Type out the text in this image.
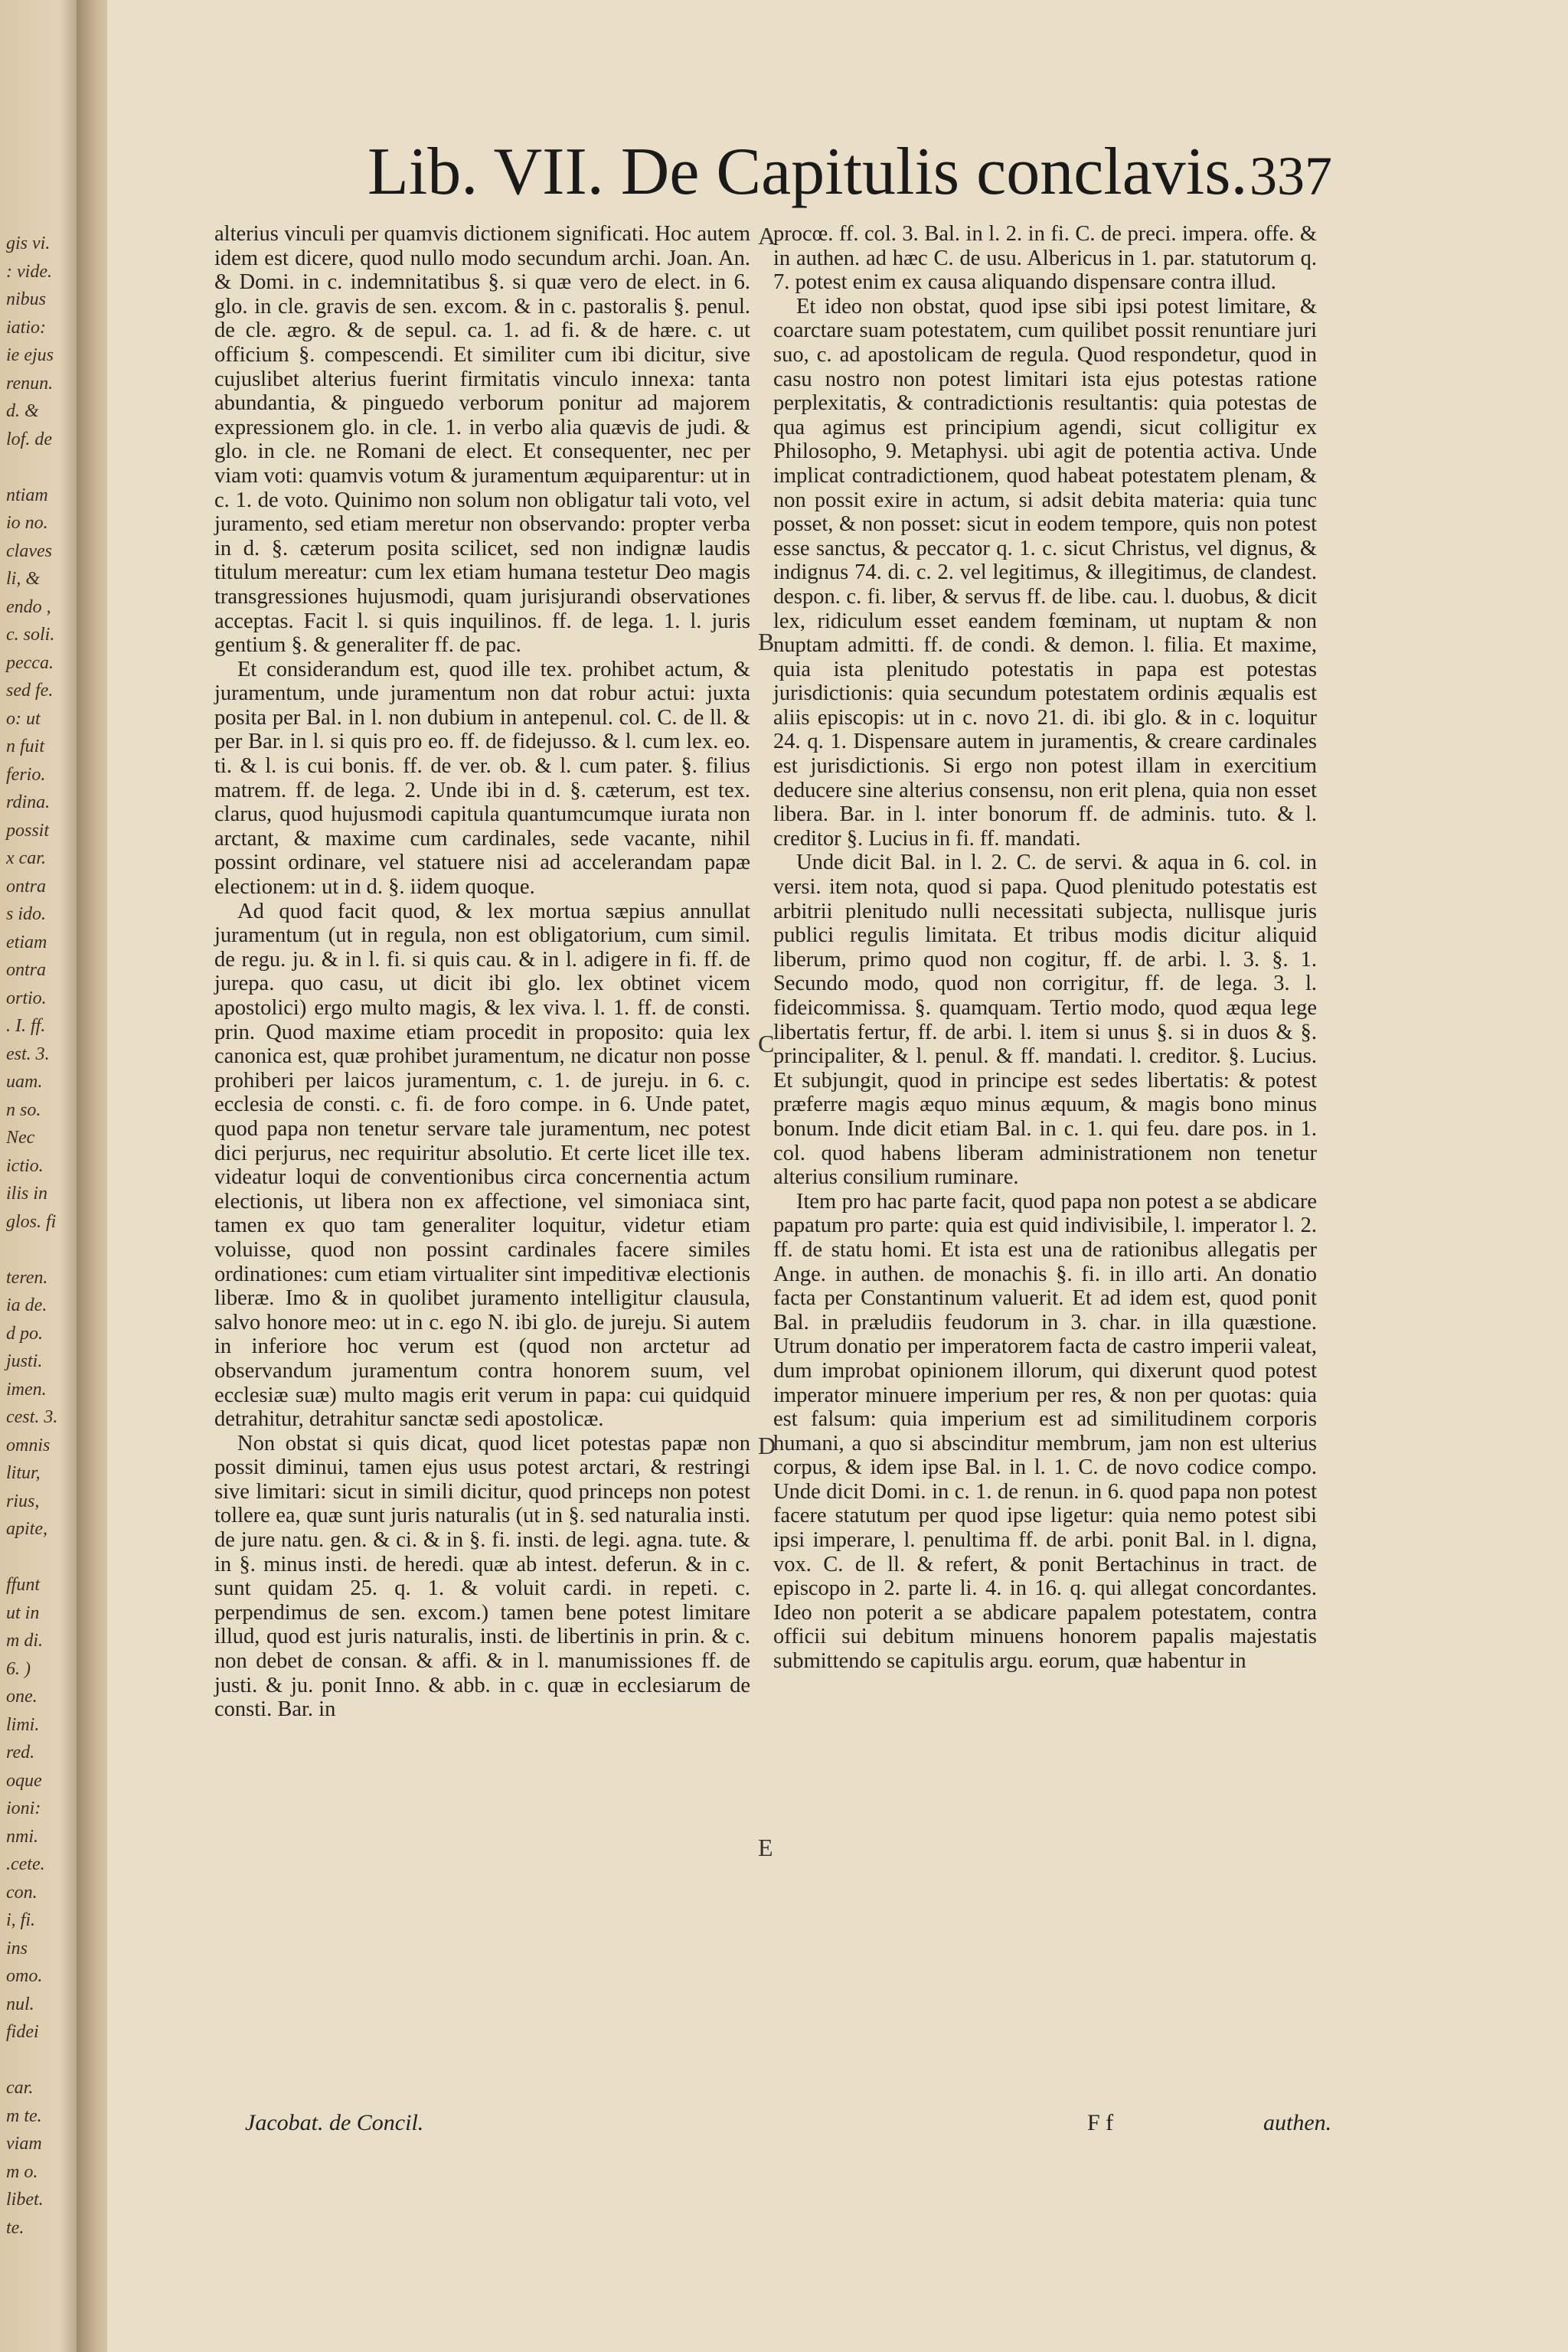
gis vi.
: vide.
nibus
iatio:
ie ejus
renun.
d. &
lof. de

ntiam
io no.
claves
li, &
endo ,
c. soli.
pecca.
sed fe.
o: ut
n fuit
ferio.
rdina.
possit
x car.
ontra
s ido.
etiam
ontra
ortio.
. I. ff.
est. 3.
uam.
n so.
Nec
ictio.
ilis in
glos. fi

teren.
ia de.
d po.
justi.
imen.
cest. 3.
omnis
litur,
rius,
apite,

ffunt
ut in
m di.
6. )
one.
limi.
red.
oque
ioni:
nmi.
.cete.
con.
i, fi.
ins
omo.
nul.
fidei

car.
m te.
viam
m o.
libet.
te.
Lib. VII. De Capitulis conclavis. 337

alterius vinculi per quamvis dictionem significati. Hoc autem idem est dicere, quod nullo modo secundum archi. Joan. An. & Domi. in c. indemnitatibus §. si quæ vero de elect. in 6. glo. in cle. gravis de sen. excom. & in c. pastoralis §. penul. de cle. ægro. & de sepul. ca. 1. ad fi. & de hære. c. ut officium §. compescendi. Et similiter cum ibi dicitur, sive cujuslibet alterius fuerint firmitatis vinculo innexa: tanta abundantia, & pinguedo verborum ponitur ad majorem expressionem glo. in cle. 1. in verbo alia quævis de judi. & glo. in cle. ne Romani de elect. Et consequenter, nec per viam voti: quamvis votum & juramentum æquiparentur: ut in c. 1. de voto. Quinimo non solum non obligatur tali voto, vel juramento, sed etiam meretur non observando: propter verba in d. §. cæterum posita scilicet, sed non indignæ laudis titulum mereatur: cum lex etiam humana testetur Deo magis transgressiones hujusmodi, quam jurisjurandi observationes acceptas. Facit l. si quis inquilinos. ff. de lega. 1. l. juris gentium §. & generaliter ff. de pac.

Et considerandum est, quod ille tex. prohibet actum, & juramentum, unde juramentum non dat robur actui: juxta posita per Bal. in l. non dubium in antepenul. col. C. de ll. & per Bar. in l. si quis pro eo. ff. de fidejusso. & l. cum lex. eo. ti. & l. is cui bonis. ff. de ver. ob. & l. cum pater. §. filius matrem. ff. de lega. 2. Unde ibi in d. §. cæterum, est tex. clarus, quod hujusmodi capitula quantumcumque iurata non arctant, & maxime cum cardinales, sede vacante, nihil possint ordinare, vel statuere nisi ad accelerandam papæ electionem: ut in d. §. iidem quoque.

Ad quod facit quod, & lex mortua sæpius annullat juramentum (ut in regula, non est obligatorium, cum simil. de regu. ju. & in l. fi. si quis cau. & in l. adigere in fi. ff. de jurepa. quo casu, ut dicit ibi glo. lex obtinet vicem apostolici) ergo multo magis, & lex viva. l. 1. ff. de consti. prin. Quod maxime etiam procedit in proposito: quia lex canonica est, quæ prohibet juramentum, ne dicatur non posse prohiberi per laicos juramentum, c. 1. de jureju. in 6. c. ecclesia de consti. c. fi. de foro compe. in 6. Unde patet, quod papa non tenetur servare tale juramentum, nec potest dici perjurus, nec requiritur absolutio. Et certe licet ille tex. videatur loqui de conventionibus circa concernentia actum electionis, ut libera non ex affectione, vel simoniaca sint, tamen ex quo tam generaliter loquitur, videtur etiam voluisse, quod non possint cardinales facere similes ordinationes: cum etiam virtualiter sint impeditivæ electionis liberæ. Imo & in quolibet juramento intelligitur clausula, salvo honore meo: ut in c. ego N. ibi glo. de jureju. Si autem in inferiore hoc verum est (quod non arctetur ad observandum juramentum contra honorem suum, vel ecclesiæ suæ) multo magis erit verum in papa: cui quidquid detrahitur, detrahitur sanctæ sedi apostolicæ.

Non obstat si quis dicat, quod licet potestas papæ non possit diminui, tamen ejus usus potest arctari, & restringi sive limitari: sicut in simili dicitur, quod princeps non potest tollere ea, quæ sunt juris naturalis (ut in §. sed naturalia insti. de jure natu. gen. & ci. & in §. fi. insti. de legi. agna. tute. & in §. minus insti. de heredi. quæ ab intest. deferun. & in c. sunt quidam 25. q. 1. & voluit cardi. in repeti. c. perpendimus de sen. excom.) tamen bene potest limitare illud, quod est juris naturalis, insti. de libertinis in prin. & c. non debet de consan. & affi. & in l. manumissiones ff. de justi. & ju. ponit Inno. & abb. in c. quæ in ecclesiarum de consti. Bar. in

A
B
C
D
E

procœ. ff. col. 3. Bal. in l. 2. in fi. C. de preci. impera. offe. & in authen. ad hæc C. de usu. Albericus in 1. par. statutorum q. 7. potest enim ex causa aliquando dispensare contra illud.

Et ideo non obstat, quod ipse sibi ipsi potest limitare, & coarctare suam potestatem, cum quilibet possit renuntiare juri suo, c. ad apostolicam de regula. Quod respondetur, quod in casu nostro non potest limitari ista ejus potestas ratione perplexitatis, & contradictionis resultantis: quia potestas de qua agimus est principium agendi, sicut colligitur ex Philosopho, 9. Metaphysi. ubi agit de potentia activa. Unde implicat contradictionem, quod habeat potestatem plenam, & non possit exire in actum, si adsit debita materia: quia tunc posset, & non posset: sicut in eodem tempore, quis non potest esse sanctus, & peccator q. 1. c. sicut Christus, vel dignus, & indignus 74. di. c. 2. vel legitimus, & illegitimus, de clandest. despon. c. fi. liber, & servus ff. de libe. cau. l. duobus, & dicit lex, ridiculum esset eandem fœminam, ut nuptam & non nuptam admitti. ff. de condi. & demon. l. filia. Et maxime, quia ista plenitudo potestatis in papa est potestas jurisdictionis: quia secundum potestatem ordinis æqualis est aliis episcopis: ut in c. novo 21. di. ibi glo. & in c. loquitur 24. q. 1. Dispensare autem in juramentis, & creare cardinales est jurisdictionis. Si ergo non potest illam in exercitium deducere sine alterius consensu, non erit plena, quia non esset libera. Bar. in l. inter bonorum ff. de adminis. tuto. & l. creditor §. Lucius in fi. ff. mandati.

Unde dicit Bal. in l. 2. C. de servi. & aqua in 6. col. in versi. item nota, quod si papa. Quod plenitudo potestatis est arbitrii plenitudo nulli necessitati subjecta, nullisque juris publici regulis limitata. Et tribus modis dicitur aliquid liberum, primo quod non cogitur, ff. de arbi. l. 3. §. 1. Secundo modo, quod non corrigitur, ff. de lega. 3. l. fideicommissa. §. quamquam. Tertio modo, quod æqua lege libertatis fertur, ff. de arbi. l. item si unus §. si in duos & §. principaliter, & l. penul. & ff. mandati. l. creditor. §. Lucius. Et subjungit, quod in principe est sedes libertatis: & potest præferre magis æquo minus æquum, & magis bono minus bonum. Inde dicit etiam Bal. in c. 1. qui feu. dare pos. in 1. col. quod habens liberam administrationem non tenetur alterius consilium ruminare.

Item pro hac parte facit, quod papa non potest a se abdicare papatum pro parte: quia est quid indivisibile, l. imperator l. 2. ff. de statu homi. Et ista est una de rationibus allegatis per Ange. in authen. de monachis §. fi. in illo arti. An donatio facta per Constantinum valuerit. Et ad idem est, quod ponit Bal. in præludiis feudorum in 3. char. in illa quæstione. Utrum donatio per imperatorem facta de castro imperii valeat, dum improbat opinionem illorum, qui dixerunt quod potest imperator minuere imperium per res, & non per quotas: quia est falsum: quia imperium est ad similitudinem corporis humani, a quo si abscinditur membrum, jam non est ulterius corpus, & idem ipse Bal. in l. 1. C. de novo codice compo. Unde dicit Domi. in c. 1. de renun. in 6. quod papa non potest facere statutum per quod ipse ligetur: quia nemo potest sibi ipsi imperare, l. penultima ff. de arbi. ponit Bal. in l. digna, vox. C. de ll. & refert, & ponit Bertachinus in tract. de episcopo in 2. parte li. 4. in 16. q. qui allegat concordantes. Ideo non poterit a se abdicare papalem potestatem, contra officii sui debitum minuens honorem papalis majestatis submittendo se capitulis argu. eorum, quæ habentur in

Jacobat. de Concil.	F f	authen.
